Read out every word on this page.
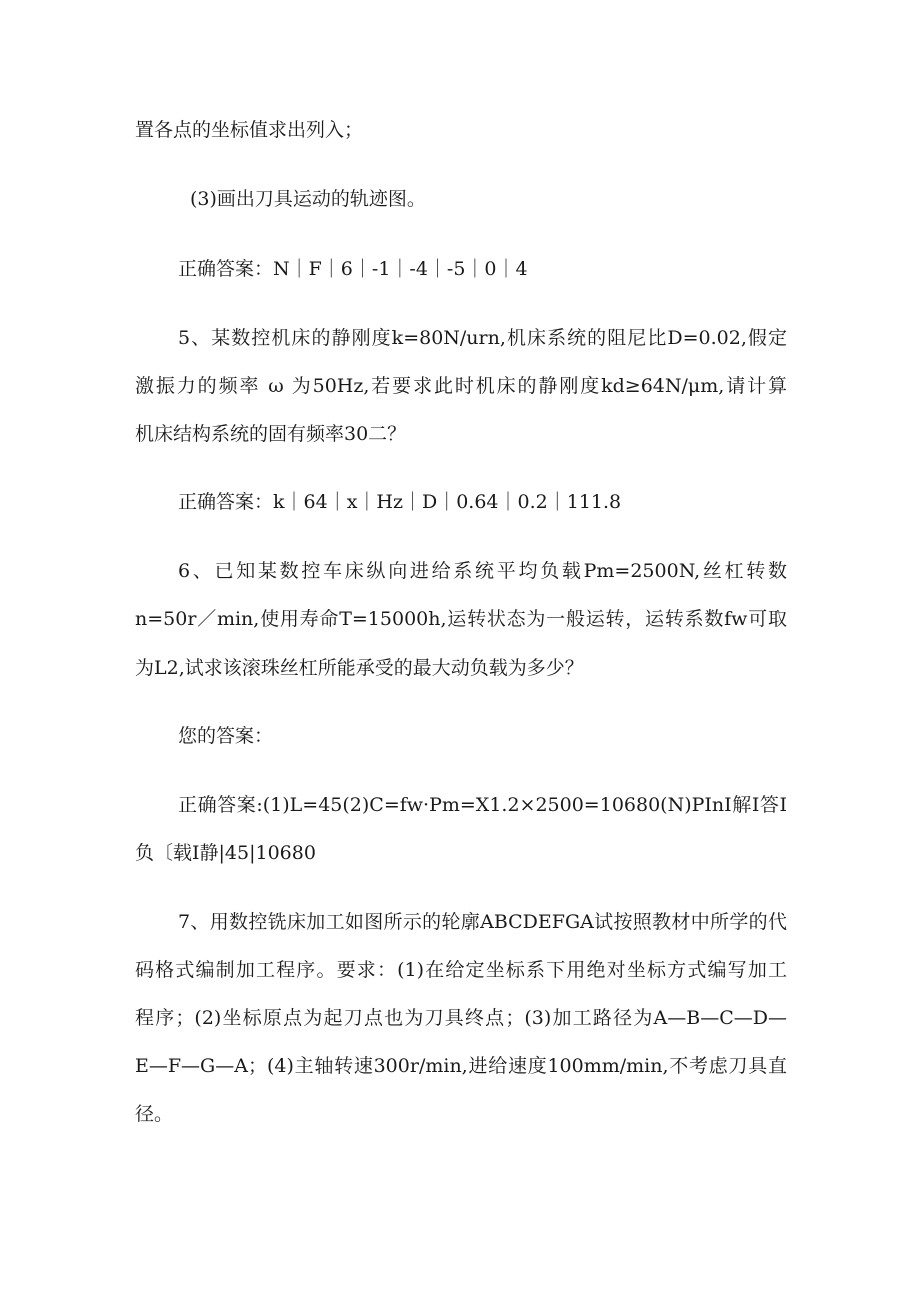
置各点的坐标值求出列入；
(3)画出刀具运动的轨迹图。
正确答案：N｜F｜6｜-1｜-4｜-5｜0｜4
5、某数控机床的静刚度k=80N/urn,机床系统的阻尼比D=0.02,假定
激振力的频率 ω 为50Hz,若要求此时机床的静刚度kd≥64N/μm,请计算
机床结构系统的固有频率30二？
正确答案：k｜64｜x｜Hz｜D｜0.64｜0.2｜111.8
6、已知某数控车床纵向进给系统平均负载Pm=2500N,丝杠转数
n=50r／min,使用寿命T=15000h,运转状态为一般运转，运转系数fw可取
为L2,试求该滚珠丝杠所能承受的最大动负载为多少？
您的答案：
正确答案:(1)L=45(2)C=fw·Pm=X1.2×2500=10680(N)PInI解I答I
负〔载I静|45|10680
7、用数控铣床加工如图所示的轮廓ABCDEFGA试按照教材中所学的代
码格式编制加工程序。要求：(1)在给定坐标系下用绝对坐标方式编写加工
程序；(2)坐标原点为起刀点也为刀具终点；(3)加工路径为A—B—C—D—
E—F—G—A；(4)主轴转速300r/min,进给速度100mm/min,不考虑刀具直
径。
